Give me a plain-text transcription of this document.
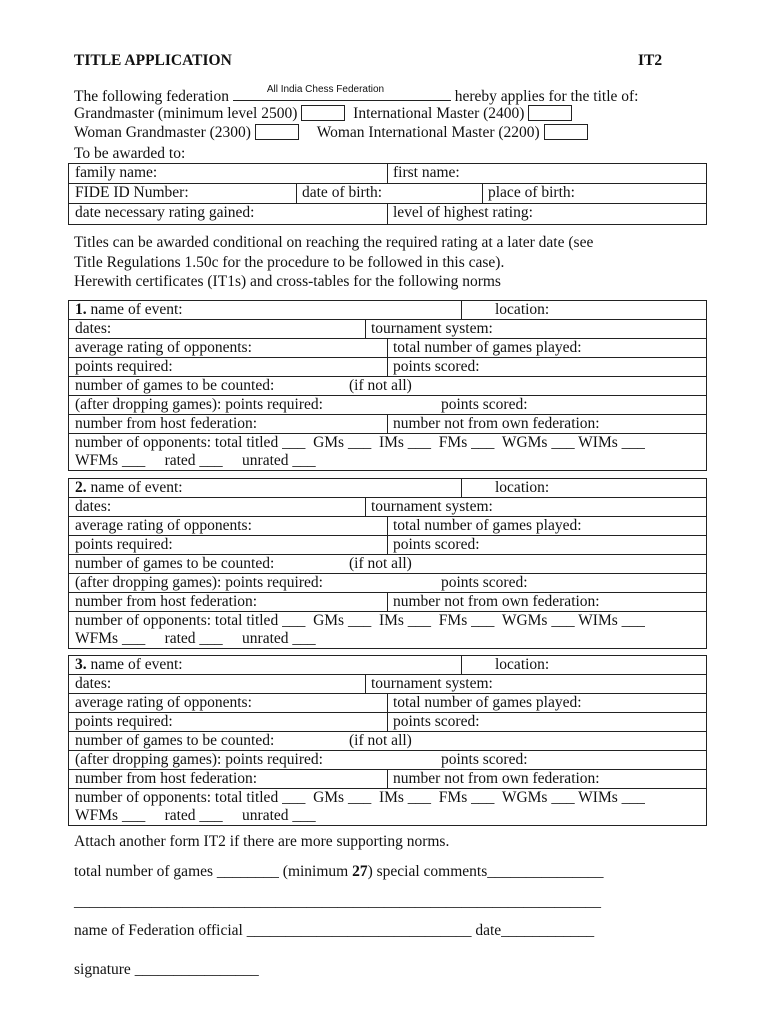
TITLE APPLICATION	IT2
The following federation	All India Chess Federation	hereby applies for the title of:
Grandmaster (minimum level 2500)	International Master (2400)
Woman Grandmaster (2300)	Woman International Master (2200)
To be awarded to:
family name:	first name:
FIDE ID Number:	date of birth:	place of birth:
date necessary rating gained:	level of highest rating:
Titles can be awarded conditional on reaching the required rating at a later date (see
Title Regulations 1.50c for the procedure to be followed in this case).
Herewith certificates (IT1s) and cross-tables for the following norms
1. name of event:	location:
dates:	tournament system:
average rating of opponents:	total number of games played:
points required:	points scored:
number of games to be counted:	(if not all)
(after dropping games): points required:	points scored:
number from host federation:	number not from own federation:
number of opponents: total titled ___  GMs ___  IMs ___  FMs ___  WGMs ___ WIMs ___
WFMs ___     rated ___     unrated ___
2. name of event:	location:
dates:	tournament system:
average rating of opponents:	total number of games played:
points required:	points scored:
number of games to be counted:	(if not all)
(after dropping games): points required:	points scored:
number from host federation:	number not from own federation:
number of opponents: total titled ___  GMs ___  IMs ___  FMs ___  WGMs ___ WIMs ___
WFMs ___     rated ___     unrated ___
3. name of event:	location:
dates:	tournament system:
average rating of opponents:	total number of games played:
points required:	points scored:
number of games to be counted:	(if not all)
(after dropping games): points required:	points scored:
number from host federation:	number not from own federation:
number of opponents: total titled ___  GMs ___  IMs ___  FMs ___  WGMs ___ WIMs ___
WFMs ___     rated ___     unrated ___
Attach another form IT2 if there are more supporting norms.
total number of games ________ (minimum 27) special comments_______________
____________________________________________________________________
name of Federation official _____________________________ date____________
signature ________________
